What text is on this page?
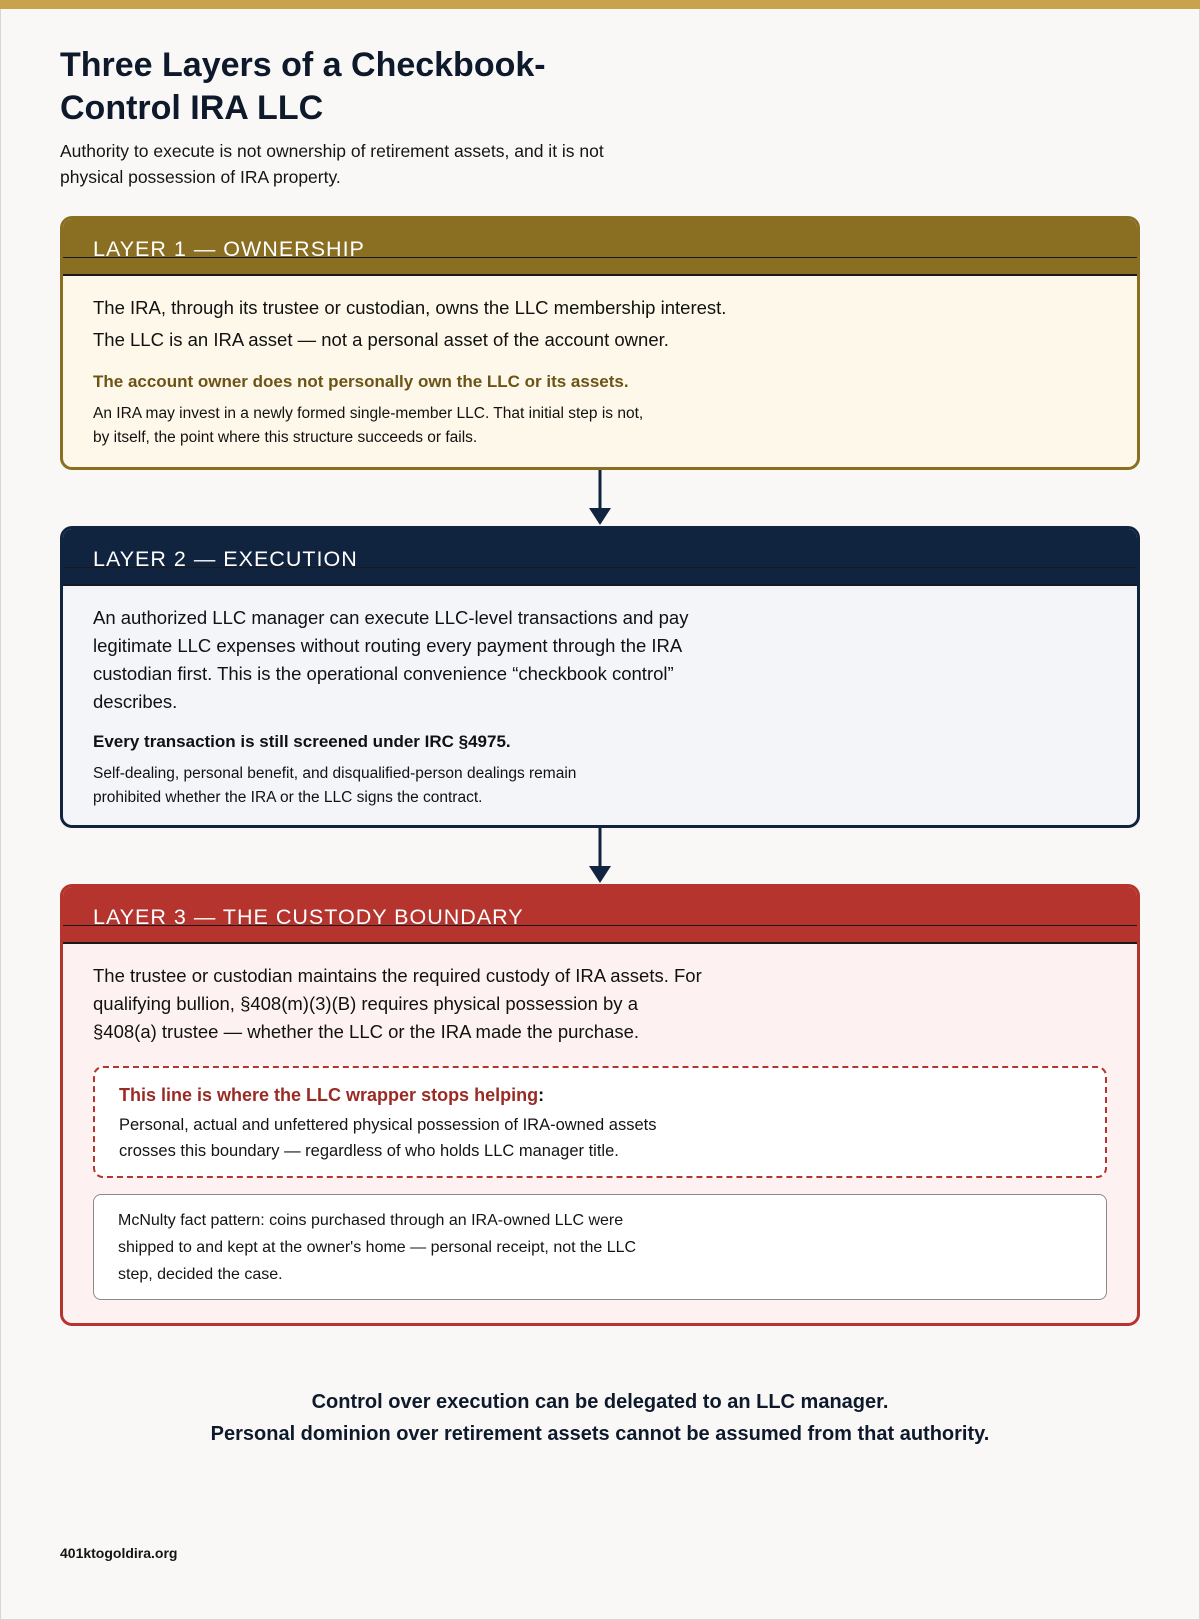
Three Layers of a Checkbook-Control IRA LLC
Authority to execute is not ownership of retirement assets, and it is not physical possession of IRA property.
LAYER 1 — OWNERSHIP
The IRA, through its trustee or custodian, owns the LLC membership interest.
The LLC is an IRA asset — not a personal asset of the account owner.
The account owner does not personally own the LLC or its assets.
An IRA may invest in a newly formed single-member LLC. That initial step is not, by itself, the point where this structure succeeds or fails.
LAYER 2 — EXECUTION
An authorized LLC manager can execute LLC-level transactions and pay legitimate LLC expenses without routing every payment through the IRA custodian first. This is the operational convenience “checkbook control” describes.
Every transaction is still screened under IRC §4975.
Self-dealing, personal benefit, and disqualified-person dealings remain prohibited whether the IRA or the LLC signs the contract.
LAYER 3 — THE CUSTODY BOUNDARY
The trustee or custodian maintains the required custody of IRA assets. For qualifying bullion, §408(m)(3)(B) requires physical possession by a §408(a) trustee — whether the LLC or the IRA made the purchase.
This line is where the LLC wrapper stops helping:
Personal, actual and unfettered physical possession of IRA-owned assets crosses this boundary — regardless of who holds LLC manager title.
McNulty fact pattern: coins purchased through an IRA-owned LLC were shipped to and kept at the owner's home — personal receipt, not the LLC step, decided the case.
Control over execution can be delegated to an LLC manager.
Personal dominion over retirement assets cannot be assumed from that authority.
401ktogoldira.org
